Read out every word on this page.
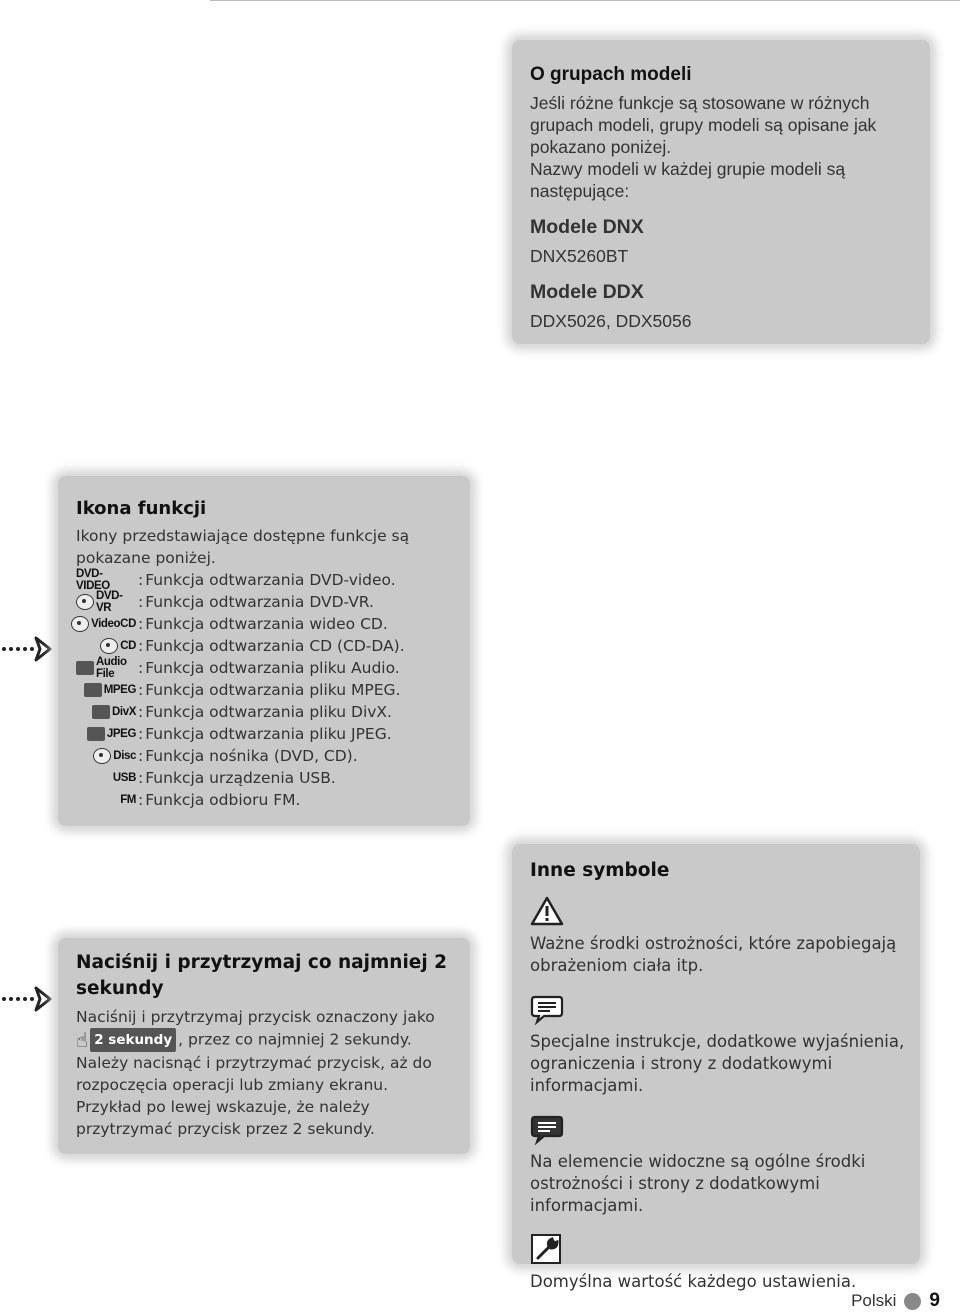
O grupach modeli

Jeśli różne funkcje są stosowane w różnych grupach modeli, grupy modeli są opisane jak pokazano poniżej.

Nazwy modeli w każdej grupie modeli są następujące:

Modele DNX

DNX5260BT

Modele DDX

DDX5026, DDX5056

Ikona funkcji

Ikony przedstawiające dostępne funkcje są pokazane poniżej.

DVD-VIDEO	: Funkcja odtwarzania DVD-video.
DVD-VR	: Funkcja odtwarzania DVD-VR.
VideoCD : Funkcja odtwarzania wideo CD.
CD : Funkcja odtwarzania CD (CD-DA).
Audio File	: Funkcja odtwarzania pliku Audio.
MPEG : Funkcja odtwarzania pliku MPEG.
DivX : Funkcja odtwarzania pliku DivX.
JPEG : Funkcja odtwarzania pliku JPEG.
Disc : Funkcja nośnika (DVD, CD).
USB : Funkcja urządzenia USB.
FM : Funkcja odbioru FM.

Naciśnij i przytrzymaj co najmniej 2 sekundy

Naciśnij i przytrzymaj przycisk oznaczony jako

☝ 2 sekundy , przez co najmniej 2 sekundy.

Należy nacisnąć i przytrzymać przycisk, aż do rozpoczęcia operacji lub zmiany ekranu.

Przykład po lewej wskazuje, że należy przytrzymać przycisk przez 2 sekundy.

Inne symbole

Ważne środki ostrożności, które zapobiegają obrażeniom ciała itp.

Specjalne instrukcje, dodatkowe wyjaśnienia, ograniczenia i strony z dodatkowymi informacjami.

Na elemencie widoczne są ogólne środki ostrożności i strony z dodatkowymi informacjami.

Domyślna wartość każdego ustawienia.

Polski 9
